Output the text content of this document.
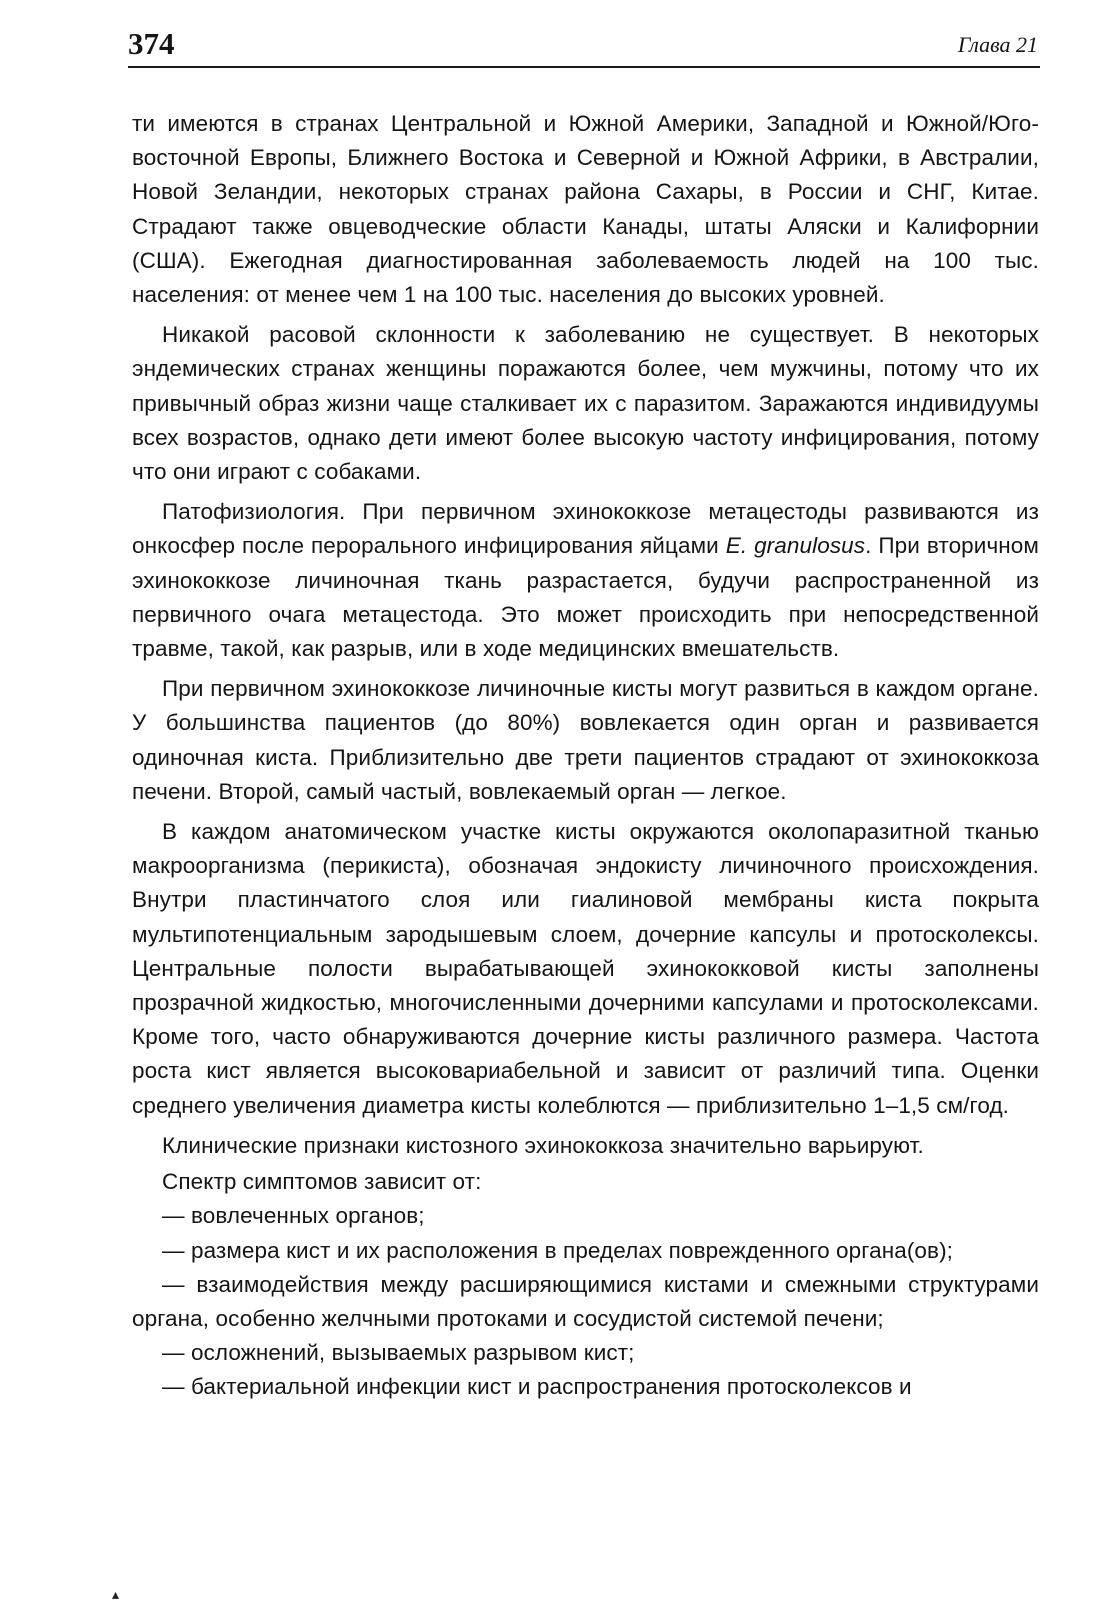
374	Глава 21

ти имеются в странах Центральной и Южной Америки, Западной и Южной/Юго-восточной Европы, Ближнего Востока и Северной и Южной Африки, в Австралии, Новой Зеландии, некоторых странах района Сахары, в России и СНГ, Китае. Страдают также овцеводческие области Канады, штаты Аляски и Калифорнии (США). Ежегодная диагностированная заболеваемость людей на 100 тыс. населения: от менее чем 1 на 100 тыс. населения до высоких уровней.

Никакой расовой склонности к заболеванию не существует. В некоторых эндемических странах женщины поражаются более, чем мужчины, потому что их привычный образ жизни чаще сталкивает их с паразитом. Заражаются индивидуумы всех возрастов, однако дети имеют более высокую частоту инфицирования, потому что они играют с собаками.

Патофизиология. При первичном эхинококкозе метацестоды развиваются из онкосфер после перорального инфицирования яйцами E. granulosus. При вторичном эхинококкозе личиночная ткань разрастается, будучи распространенной из первичного очага метацестода. Это может происходить при непосредственной травме, такой, как разрыв, или в ходе медицинских вмешательств.

При первичном эхинококкозе личиночные кисты могут развиться в каждом органе. У большинства пациентов (до 80%) вовлекается один орган и развивается одиночная киста. Приблизительно две трети пациентов страдают от эхинококкоза печени. Второй, самый частый, вовлекаемый орган — легкое.

В каждом анатомическом участке кисты окружаются околопаразитной тканью макроорганизма (перикиста), обозначая эндокисту личиночного происхождения. Внутри пластинчатого слоя или гиалиновой мембраны киста покрыта мультипотенциальным зародышевым слоем, дочерние капсулы и протосколексы. Центральные полости вырабатывающей эхинококковой кисты заполнены прозрачной жидкостью, многочисленными дочерними капсулами и протосколексами. Кроме того, часто обнаруживаются дочерние кисты различного размера. Частота роста кист является высоковариабельной и зависит от различий типа. Оценки среднего увеличения диаметра кисты колеблются — приблизительно 1–1,5 см/год.

Клинические признаки кистозного эхинококкоза значительно варьируют.

Спектр симптомов зависит от:

— вовлеченных органов;

— размера кист и их расположения в пределах поврежденного органа(ов);

— взаимодействия между расширяющимися кистами и смежными структурами органа, особенно желчными протоками и сосудистой системой печени;

— осложнений, вызываемых разрывом кист;

— бактериальной инфекции кист и распространения протосколексов и

▴
